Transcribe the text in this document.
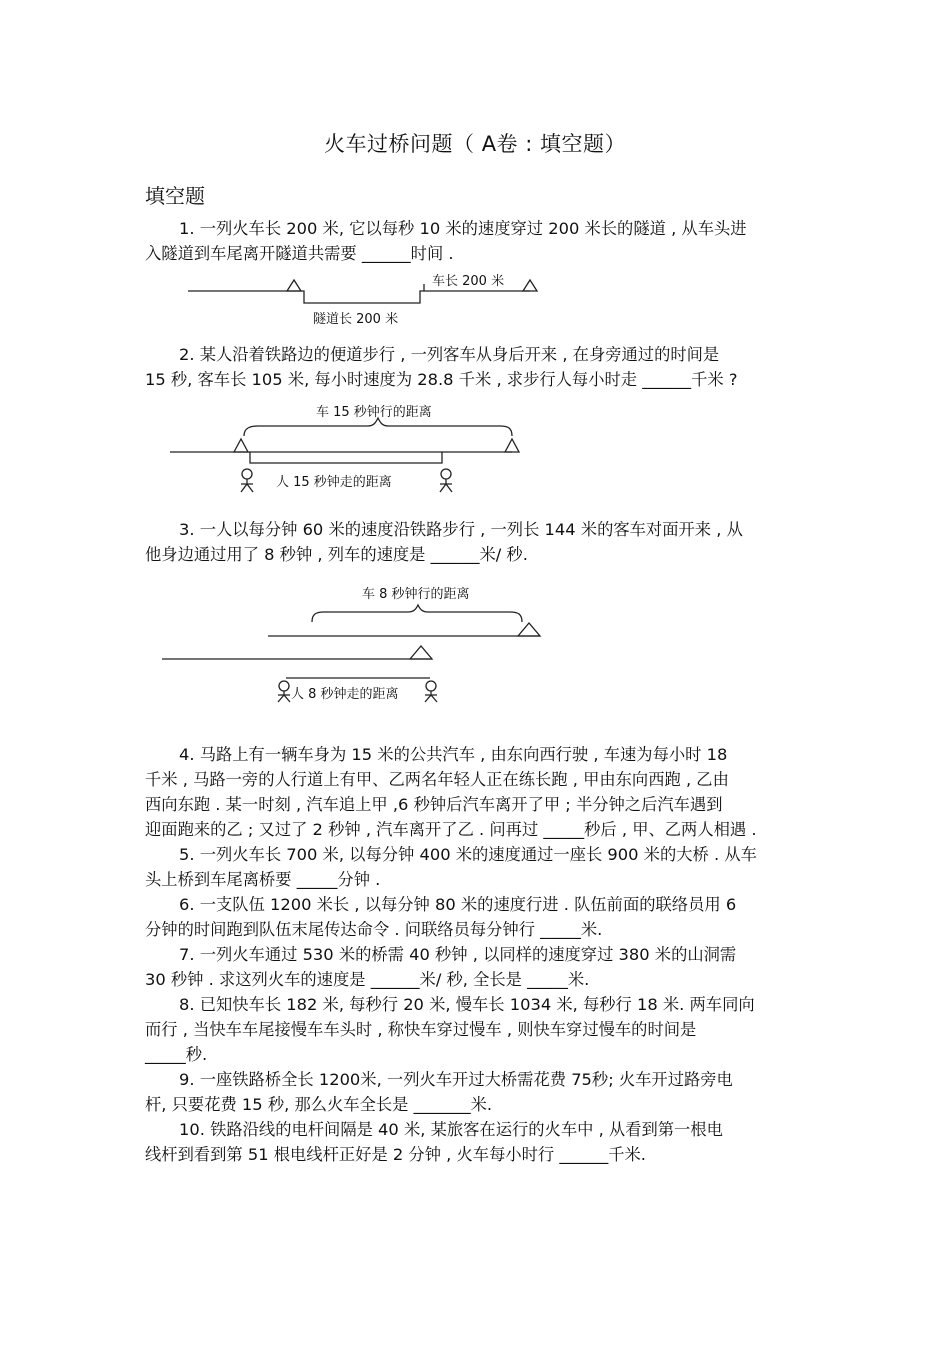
火车过桥问题（ A卷 : 填空题）
填空题
1. 一列火车长 200 米, 它以每秒 10 米的速度穿过 200 米长的隧道 , 从车头进
入隧道到车尾离开隧道共需要 ______时间 .
2. 某人沿着铁路边的便道步行 , 一列客车从身后开来 , 在身旁通过的时间是
15 秒, 客车长 105 米, 每小时速度为 28.8 千米 , 求步行人每小时走 ______千米 ?
3. 一人以每分钟 60 米的速度沿铁路步行 , 一列长 144 米的客车对面开来 , 从
他身边通过用了 8 秒钟 , 列车的速度是 ______米/ 秒.
4. 马路上有一辆车身为 15 米的公共汽车 , 由东向西行驶 , 车速为每小时 18
千米 , 马路一旁的人行道上有甲、乙两名年轻人正在练长跑 , 甲由东向西跑 , 乙由
西向东跑 . 某一时刻 , 汽车追上甲 ,6 秒钟后汽车离开了甲 ; 半分钟之后汽车遇到
迎面跑来的乙 ; 又过了 2 秒钟 , 汽车离开了乙 . 问再过 _____秒后 , 甲、乙两人相遇 .
5. 一列火车长 700 米, 以每分钟 400 米的速度通过一座长 900 米的大桥 . 从车
头上桥到车尾离桥要 _____分钟 .
6. 一支队伍 1200 米长 , 以每分钟 80 米的速度行进 . 队伍前面的联络员用 6
分钟的时间跑到队伍末尾传达命令 . 问联络员每分钟行 _____米.
7. 一列火车通过 530 米的桥需 40 秒钟 , 以同样的速度穿过 380 米的山洞需
30 秒钟 . 求这列火车的速度是 ______米/ 秒, 全长是 _____米.
8. 已知快车长 182 米, 每秒行 20 米, 慢车长 1034 米, 每秒行 18 米. 两车同向
而行 , 当快车车尾接慢车车头时 , 称快车穿过慢车 , 则快车穿过慢车的时间是
_____秒.
9. 一座铁路桥全长 1200米, 一列火车开过大桥需花费 75秒; 火车开过路旁电
杆, 只要花费 15 秒, 那么火车全长是 _______米.
10. 铁路沿线的电杆间隔是 40 米, 某旅客在运行的火车中 , 从看到第一根电
线杆到看到第 51 根电线杆正好是 2 分钟 , 火车每小时行 ______千米.
车长 200 米
隧道长 200 米
车 15 秒钟行的距离
人 15 秒钟走的距离
车 8 秒钟行的距离
人 8 秒钟走的距离
